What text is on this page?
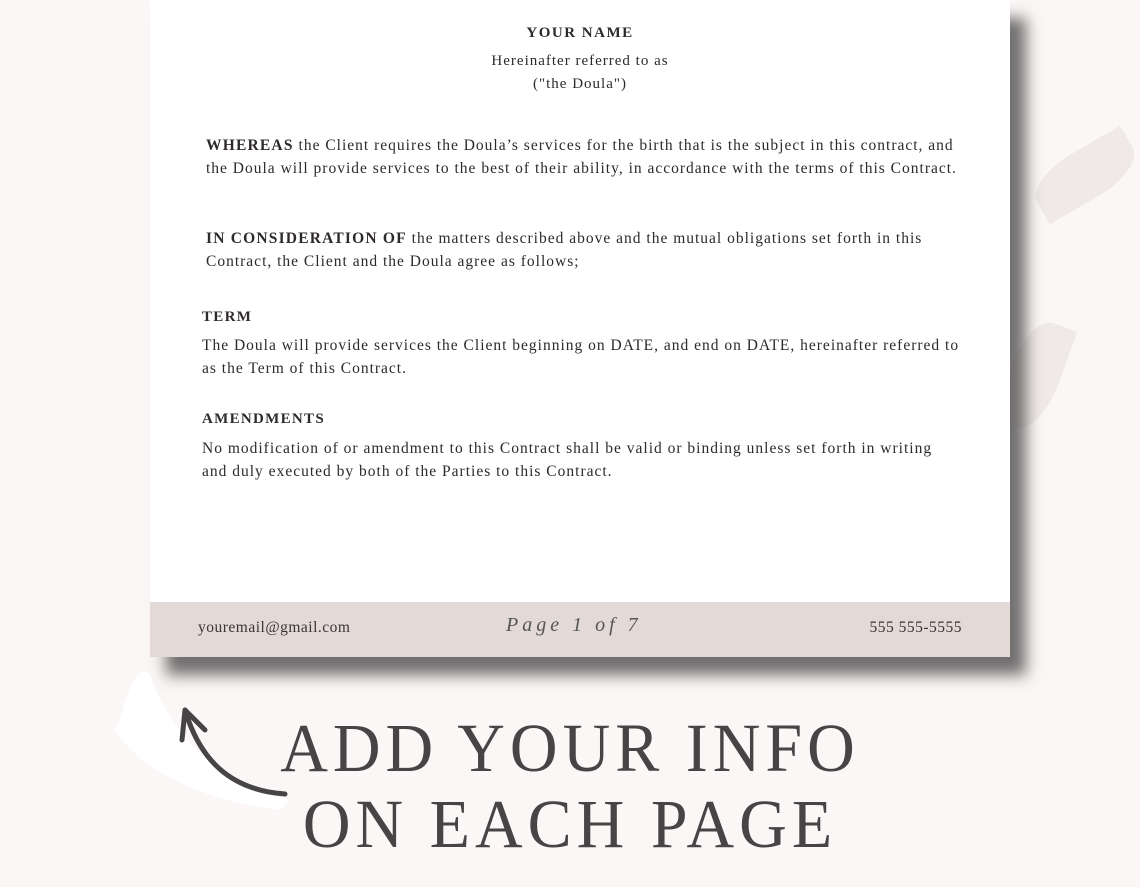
YOUR NAME
Hereinafter referred to as
("the Doula")
WHEREAS the Client requires the Doula’s services for the birth that is the subject in this contract, and the Doula will provide services to the best of their ability, in accordance with the terms of this Contract.
IN CONSIDERATION OF the matters described above and the mutual obligations set forth in this Contract, the Client and the Doula agree as follows;
TERM
The Doula will provide services the Client beginning on DATE, and end on DATE, hereinafter referred to as the Term of this Contract.
AMENDMENTS
No modification of or amendment to this Contract shall be valid or binding unless set forth in writing and duly executed by both of the Parties to this Contract.
youremail@gmail.com	Page 1 of 7	555 555-5555
ADD YOUR INFO
ON EACH PAGE
